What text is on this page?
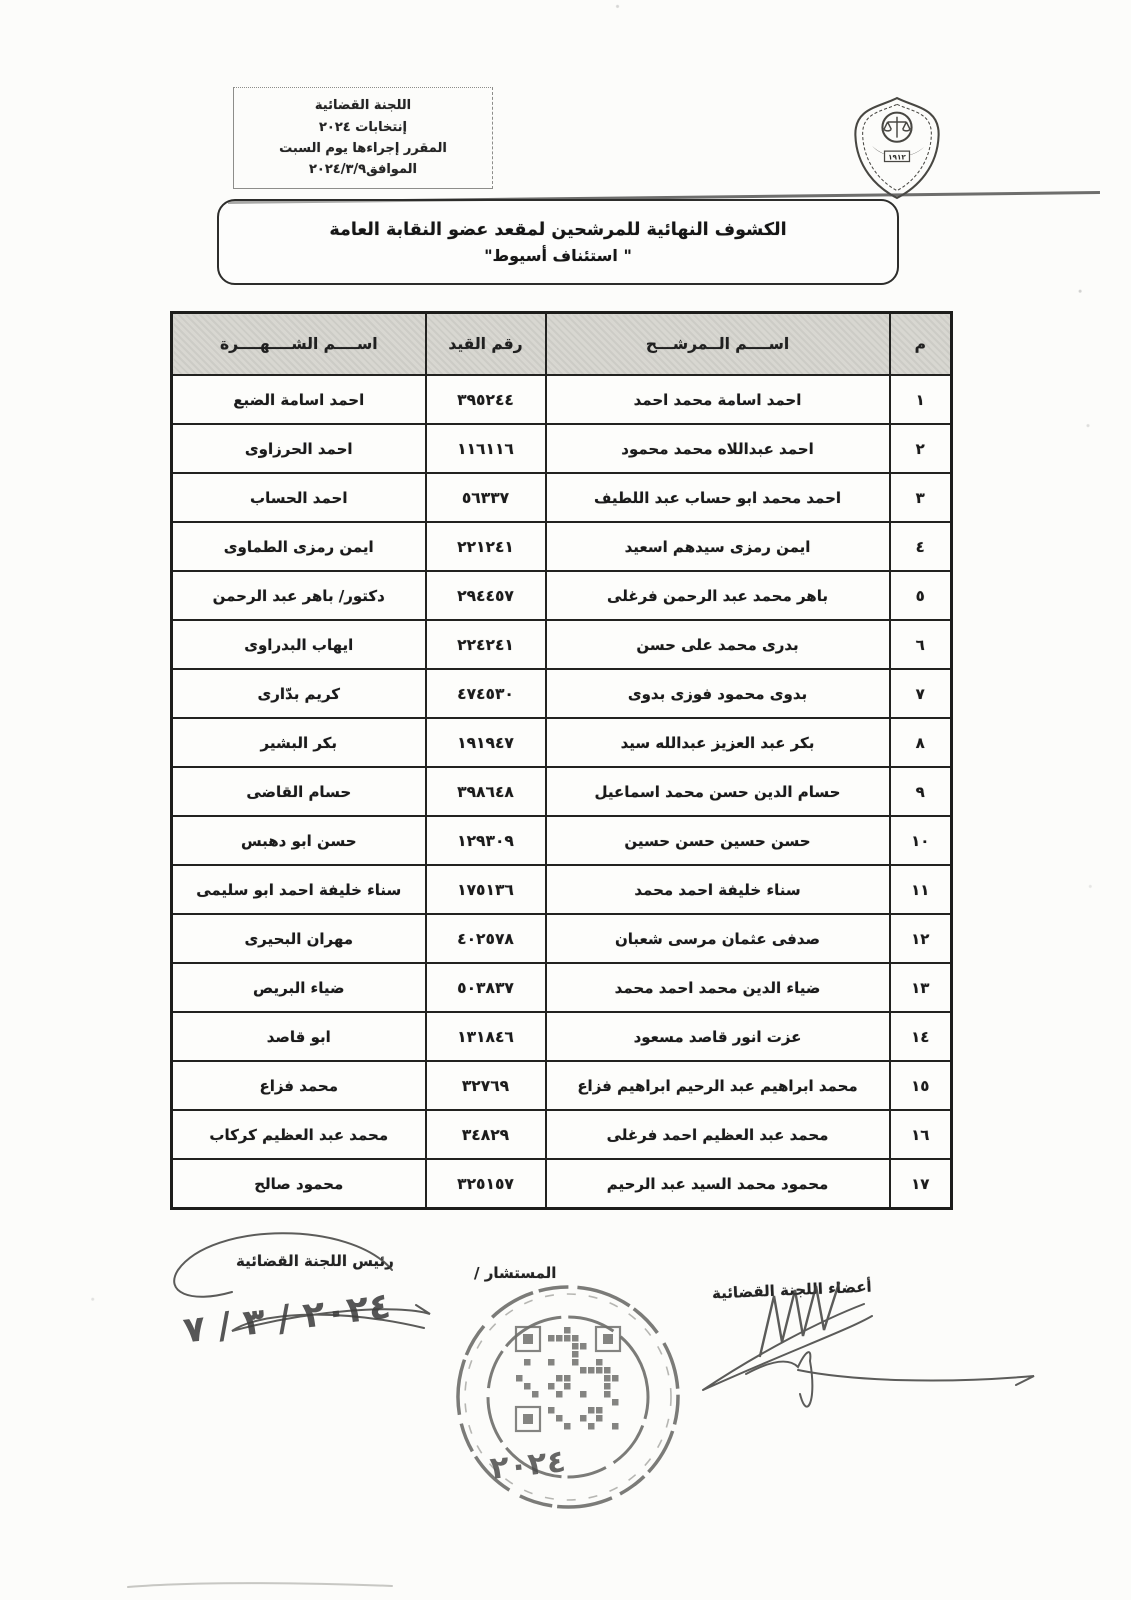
اللجنة القضائية
إنتخابات ٢٠٢٤
المقرر إجراءها يوم السبت
الموافق٢٠٢٤/٣/٩
١٩١٢
الكشوف النهائية للمرشحين لمقعد عضو النقابة العامة
" استئناف أسيوط"
م	اســــم الــمرشـــح	رقم القيد	اســــم الشــــهــــرة
١	احمد اسامة محمد احمد	٣٩٥٢٤٤	احمد اسامة الضبع
٢	احمد عبداللاه محمد محمود	١١٦١١٦	احمد الحرزاوى
٣	احمد محمد ابو حساب عبد اللطيف	٥٦٣٣٧	احمد الحساب
٤	ايمن رمزى سيدهم اسعيد	٢٢١٢٤١	ايمن رمزى الطماوى
٥	باهر محمد عبد الرحمن فرغلى	٢٩٤٤٥٧	دكتور/ باهر عبد الرحمن
٦	بدرى محمد على حسن	٢٢٤٢٤١	ايهاب البدراوى
٧	بدوى محمود فوزى بدوى	٤٧٤٥٣٠	كريم بدّارى
٨	بكر عبد العزيز عبدالله سيد	١٩١٩٤٧	بكر البشير
٩	حسام الدين حسن محمد اسماعيل	٣٩٨٦٤٨	حسام القاضى
١٠	حسن حسين حسن حسين	١٢٩٣٠٩	حسن ابو دهبس
١١	سناء خليفة احمد محمد	١٧٥١٣٦	سناء خليفة احمد ابو سليمى
١٢	صدفى عثمان مرسى شعبان	٤٠٢٥٧٨	مهران البحيرى
١٣	ضياء الدين محمد احمد محمد	٥٠٣٨٣٧	ضياء البريص
١٤	عزت انور قاصد مسعود	١٣١٨٤٦	ابو قاصد
١٥	محمد ابراهيم عبد الرحيم ابراهيم فزاع	٣٢٧٦٩	محمد فزاع
١٦	محمد عبد العظيم احمد فرغلى	٣٤٨٢٩	محمد عبد العظيم كركاب
١٧	محمود محمد السيد عبد الرحيم	٣٢٥١٥٧	محمود صالح
رئيس اللجنة القضائية
المستشار /
أعضاء اللجنة القضائية
٢٠٢٤ / ٣ / ٧
٢٠٢٤
